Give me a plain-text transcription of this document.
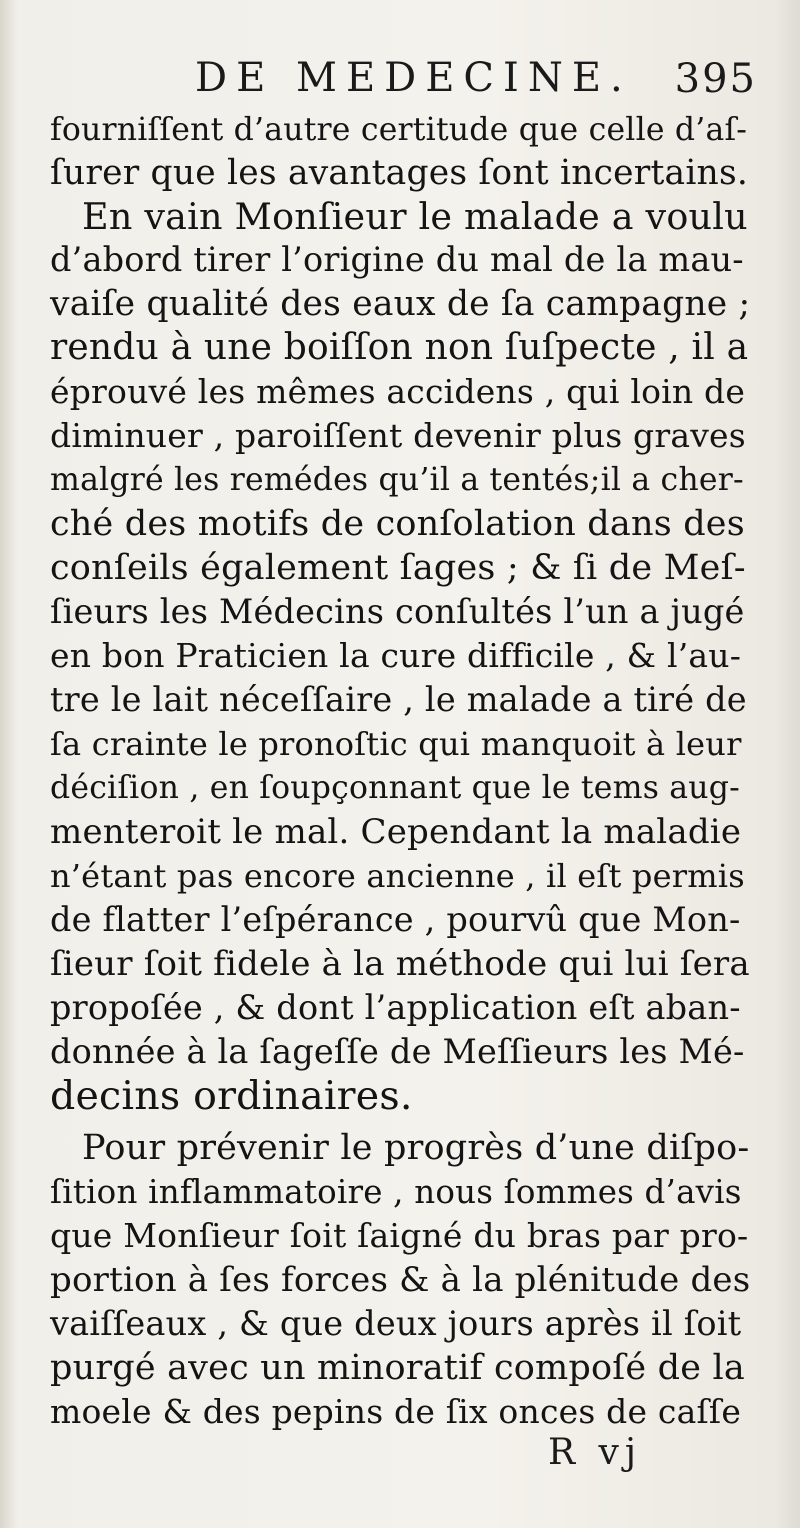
DE MEDECINE. 395
fourniſſent d’autre certitude que celle d’aſ-
ſurer que les avantages ſont incertains.
En vain Monſieur le malade a voulu
d’abord tirer l’origine du mal de la mau-
vaiſe qualité des eaux de ſa campagne ;
rendu à une boiſſon non ſuſpecte , il a
éprouvé les mêmes accidens , qui loin de
diminuer , paroiſſent devenir plus graves
malgré les remédes qu’il a tentés;il a cher-
ché des motifs de conſolation dans des
conſeils également ſages ; & ſi de Meſ-
ſieurs les Médecins conſultés l’un a jugé
en bon Praticien la cure difficile , & l’au-
tre le lait néceſſaire , le malade a tiré de
ſa crainte le pronoſtic qui manquoit à leur
déciſion , en ſoupçonnant que le tems aug-
menteroit le mal. Cependant la maladie
n’étant pas encore ancienne , il eſt permis
de flatter l’eſpérance , pourvû que Mon-
ſieur ſoit fidele à la méthode qui lui ſera
propoſée , & dont l’application eſt aban-
donnée à la ſageſſe de Meſſieurs les Mé-
decins ordinaires.
Pour prévenir le progrès d’une diſpo-
ſition inflammatoire , nous ſommes d’avis
que Monſieur ſoit ſaigné du bras par pro-
portion à ſes forces & à la plénitude des
vaiſſeaux , & que deux jours après il ſoit
purgé avec un minoratif compoſé de la
moele & des pepins de ſix onces de caſſe
R vj
